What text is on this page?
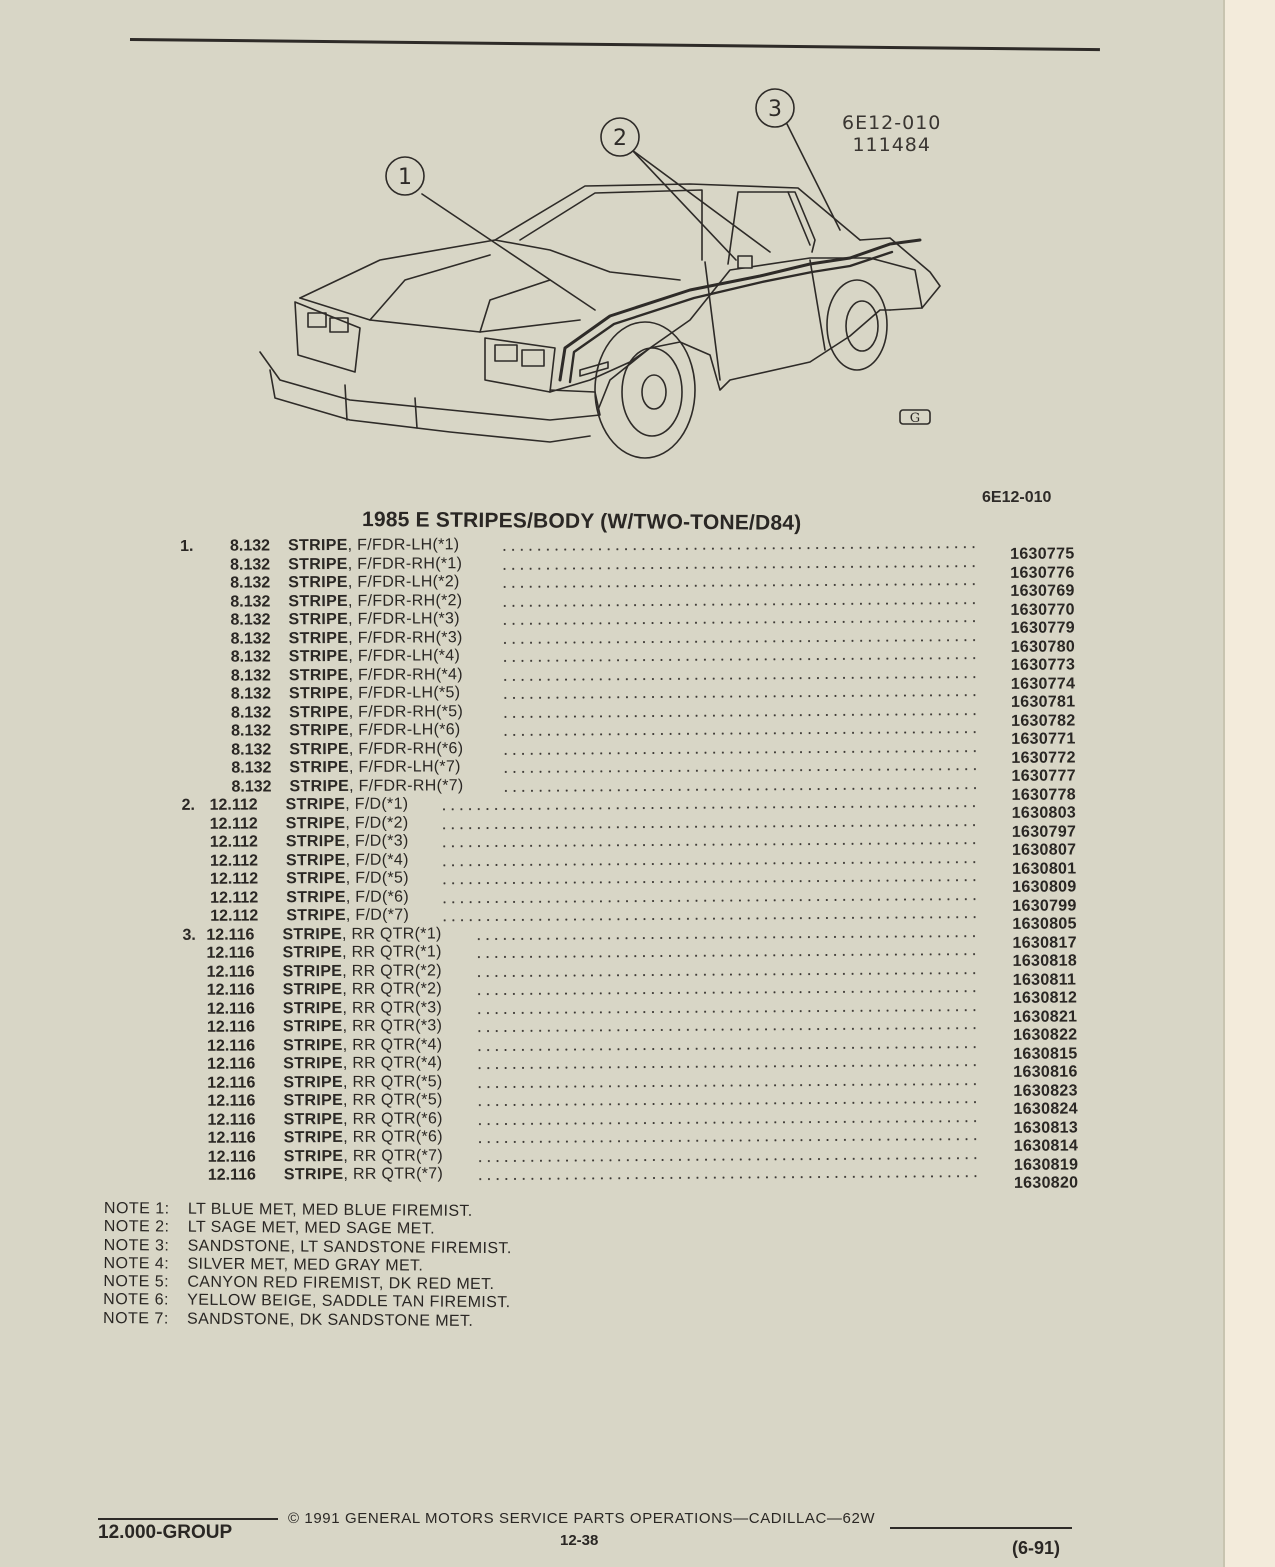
6E12-010
111484
1
2
3
G
6E12-010
1985 E STRIPES/BODY (W/TWO-TONE/D84)
1.	8.132 STRIPE, F/FDR-LH(*1)
1630775
8.132 STRIPE, F/FDR-RH(*1)
1630776
8.132 STRIPE, F/FDR-LH(*2)
1630769
8.132 STRIPE, F/FDR-RH(*2)
1630770
8.132 STRIPE, F/FDR-LH(*3)
1630779
8.132 STRIPE, F/FDR-RH(*3)
1630780
8.132 STRIPE, F/FDR-LH(*4)
1630773
8.132 STRIPE, F/FDR-RH(*4)
1630774
8.132 STRIPE, F/FDR-LH(*5)
1630781
8.132 STRIPE, F/FDR-RH(*5)
1630782
8.132 STRIPE, F/FDR-LH(*6)
1630771
8.132 STRIPE, F/FDR-RH(*6)
1630772
8.132 STRIPE, F/FDR-LH(*7)
1630777
8.132 STRIPE, F/FDR-RH(*7)
1630778
2. 12.112 STRIPE, F/D(*1)
1630803
12.112 STRIPE, F/D(*2)
1630797
12.112 STRIPE, F/D(*3)
1630807
12.112 STRIPE, F/D(*4)
1630801
12.112 STRIPE, F/D(*5)
1630809
12.112 STRIPE, F/D(*6)
1630799
12.112 STRIPE, F/D(*7)
1630805
3. 12.116 STRIPE, RR QTR(*1)
1630817
12.116 STRIPE, RR QTR(*1)
1630818
12.116 STRIPE, RR QTR(*2)
1630811
12.116 STRIPE, RR QTR(*2)
1630812
12.116 STRIPE, RR QTR(*3)
1630821
12.116 STRIPE, RR QTR(*3)
1630822
12.116 STRIPE, RR QTR(*4)
1630815
12.116 STRIPE, RR QTR(*4)
1630816
12.116 STRIPE, RR QTR(*5)
1630823
12.116 STRIPE, RR QTR(*5)
1630824
12.116 STRIPE, RR QTR(*6)
1630813
12.116 STRIPE, RR QTR(*6)
1630814
12.116 STRIPE, RR QTR(*7)
1630819
12.116 STRIPE, RR QTR(*7)
1630820
NOTE 1: LT BLUE MET, MED BLUE FIREMIST.
NOTE 2: LT SAGE MET, MED SAGE MET.
NOTE 3: SANDSTONE, LT SANDSTONE FIREMIST.
NOTE 4: SILVER MET, MED GRAY MET.
NOTE 5: CANYON RED FIREMIST, DK RED MET.
NOTE 6: YELLOW BEIGE, SADDLE TAN FIREMIST.
NOTE 7: SANDSTONE, DK SANDSTONE MET.
12.000-GROUP
© 1991 GENERAL MOTORS SERVICE PARTS OPERATIONS—CADILLAC—62W
12-38	(6-91)
